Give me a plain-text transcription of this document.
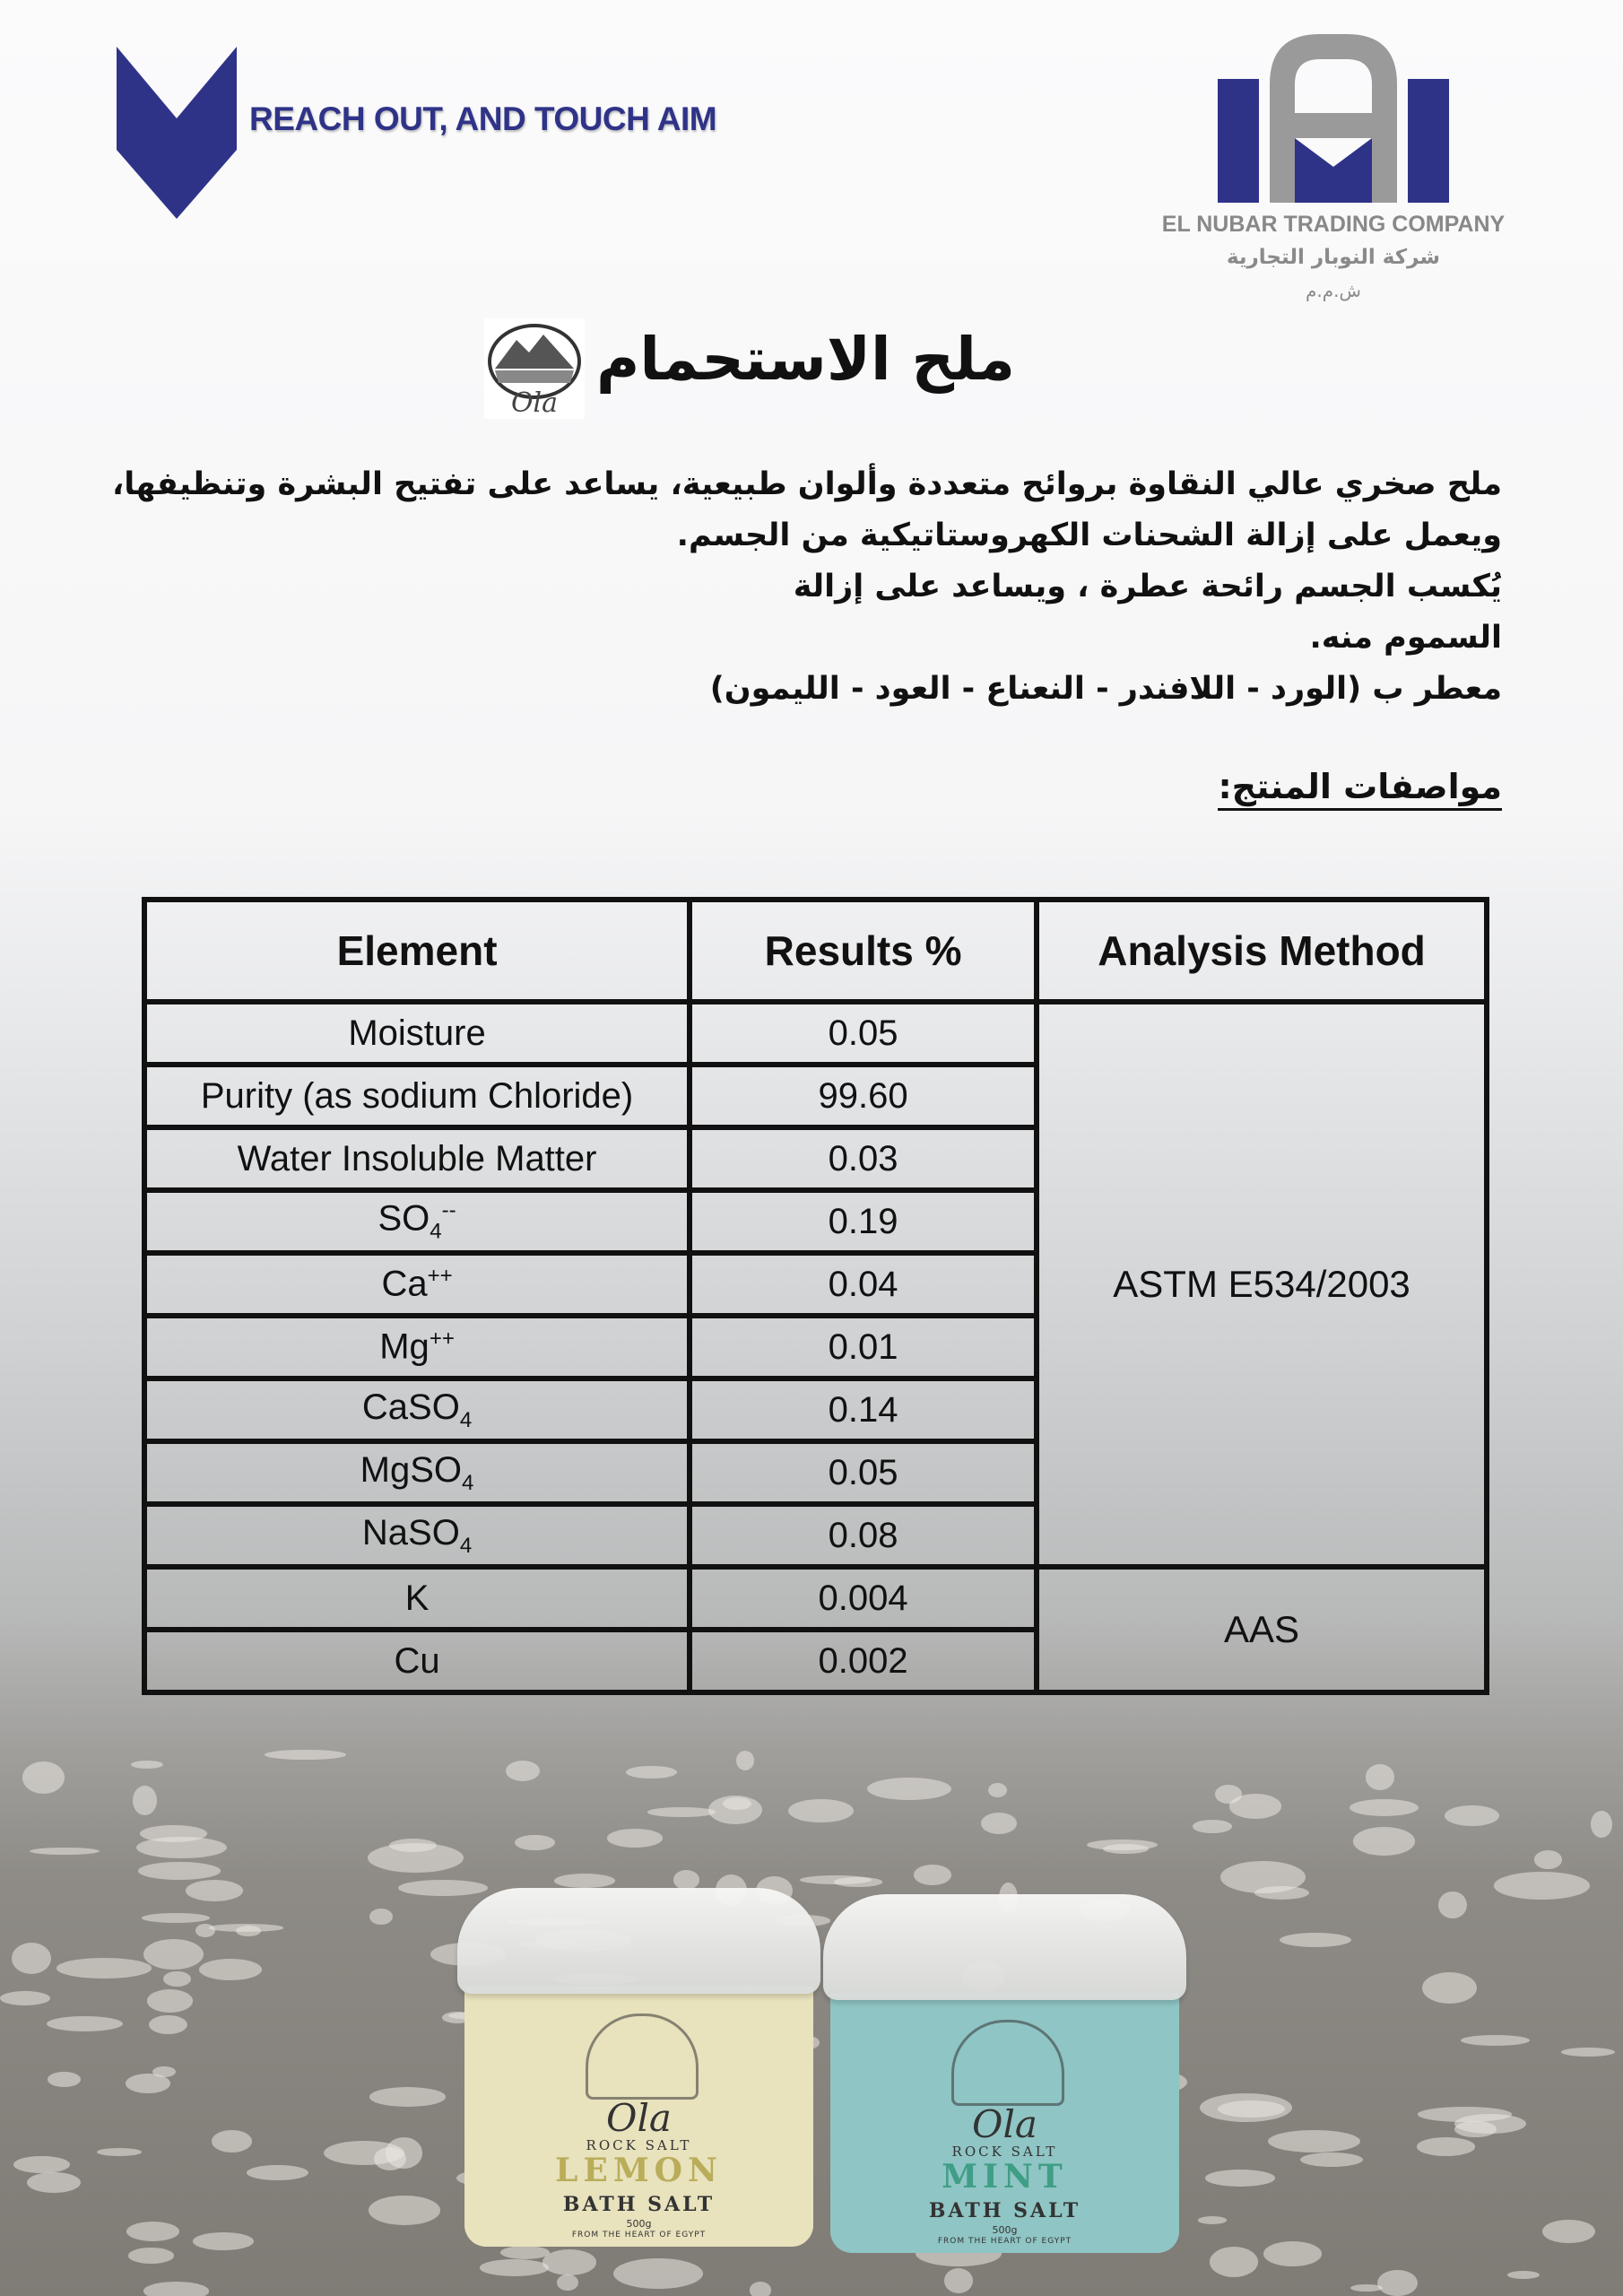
REACH OUT, AND TOUCH AIM
EL NUBAR TRADING COMPANY
شركة النوبار التجارية
ش.م.م
Ola
ملح الاستحمام

ملح صخري عالي النقاوة بروائح متعددة وألوان طبيعية، يساعد على تفتيح البشرة وتنظيفها، ويعمل على إزالة الشحنات الكهروستاتيكية من الجسم.

يُكسب الجسم رائحة عطرة ، ويساعد على إزالة

السموم منه.

معطر ب (الورد - اللافندر - النعناع - العود - الليمون)

مواصفات المنتج:
Element	Results %	Analysis Method
Moisture	0.05	ASTM E534/2003
Purity (as sodium Chloride)	99.60	
Water Insoluble Matter	0.03	
$SO_4^{--}$	0.19	
Ca++	0.04	
Mg++	0.01	
CaSO$_4$	0.14	
MgSO$_4$	0.05	
NaSO$_4$	0.08	
K	0.004	AAS
Cu	0.002	
Ola
ROCK SALT
LEMON
BATH SALT
500g
FROM THE HEART OF EGYPT
Ola
ROCK SALT
MINT
BATH SALT
500g
FROM THE HEART OF EGYPT
